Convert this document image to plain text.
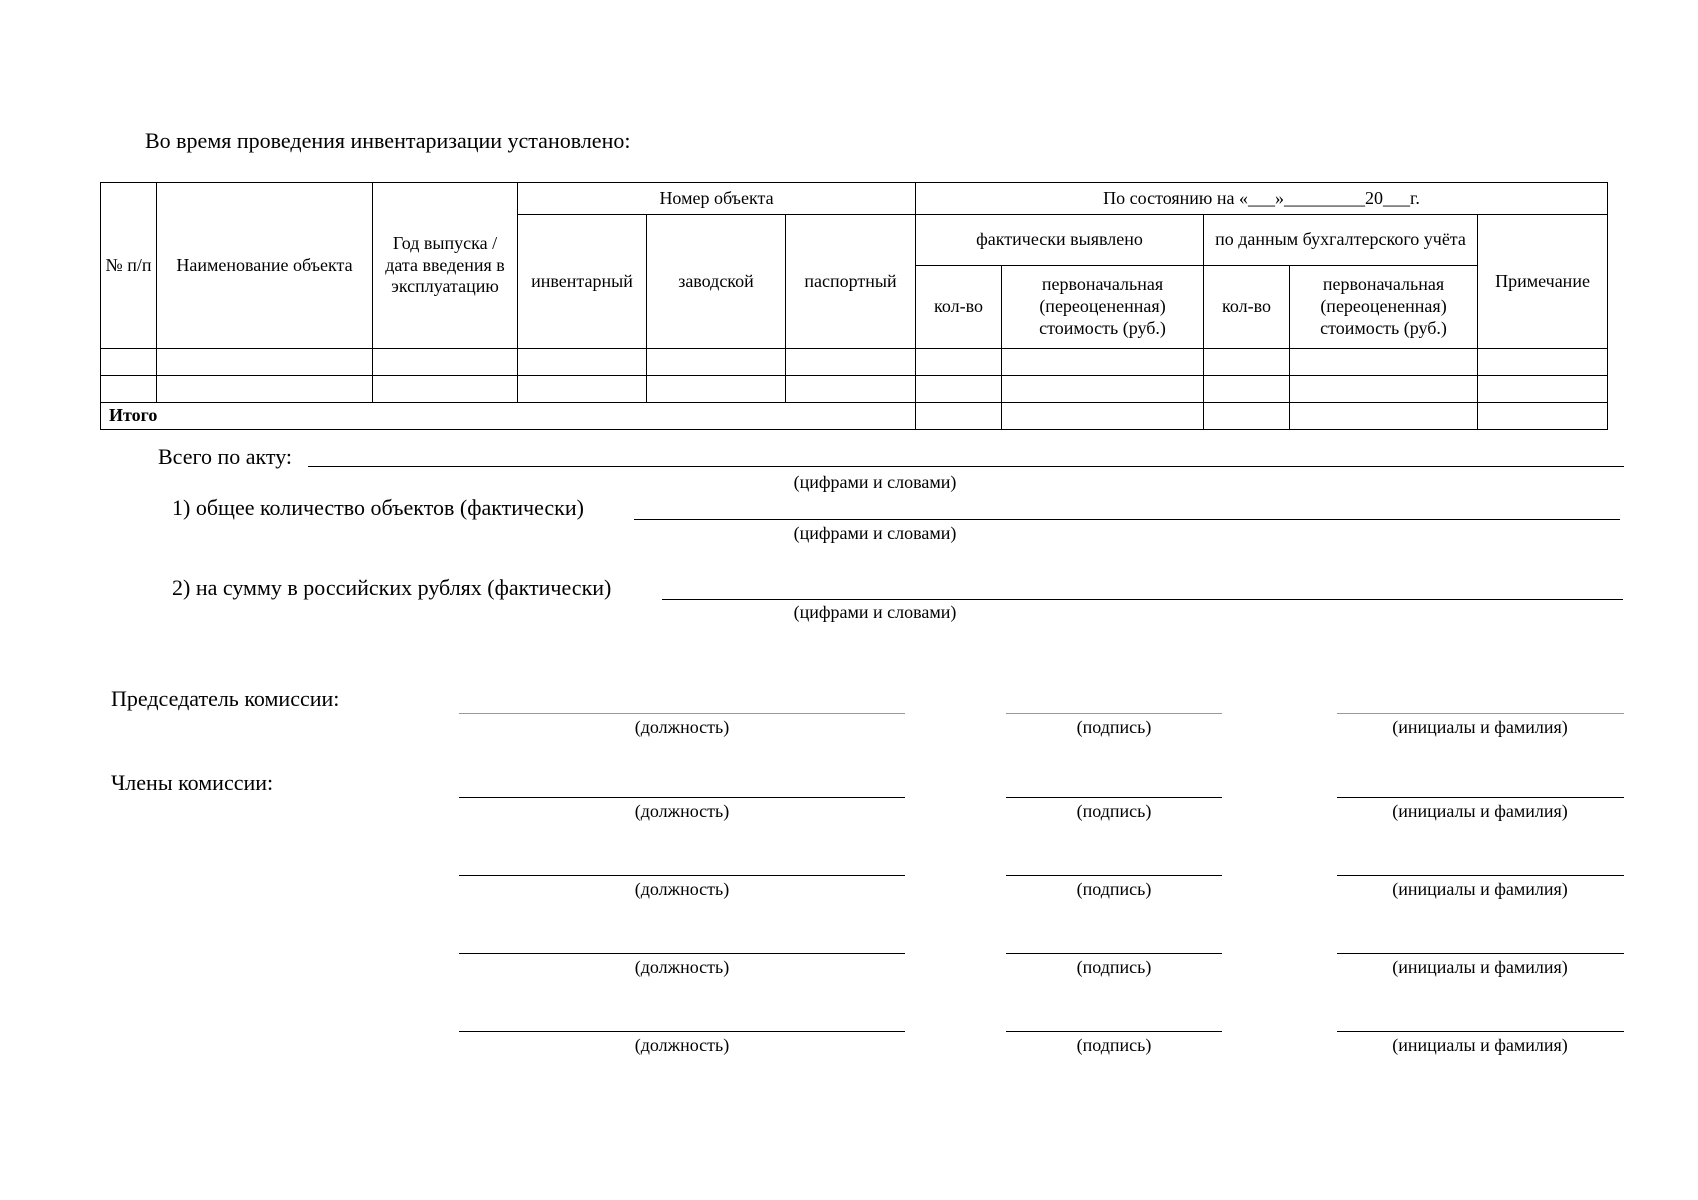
Во время проведения инвентаризации установлено:
№ п/п	Наименование объекта	Год выпуска / дата введения в эксплуатацию	Номер объекта			По состоянию на «___»_________20___г.				
			инвентарный	заводской	паспортный	фактически выявлено		по данным бухгалтерского учёта		Примечание
						кол-во	первоначальная (переоцененная) стоимость (руб.)	кол-во	первоначальная (переоцененная) стоимость (руб.)	

Итого										
Всего по акту:
(цифрами и словами)
1) общее количество объектов (фактически)
(цифрами и словами)
2) на сумму в российских рублях (фактически)
(цифрами и словами)
Председатель комиссии:
Члены комиссии:
(должность)	(подпись)	(инициалы и фамилия)
(должность)	(подпись)	(инициалы и фамилия)
(должность)	(подпись)	(инициалы и фамилия)
(должность)	(подпись)	(инициалы и фамилия)
(должность)	(подпись)	(инициалы и фамилия)
